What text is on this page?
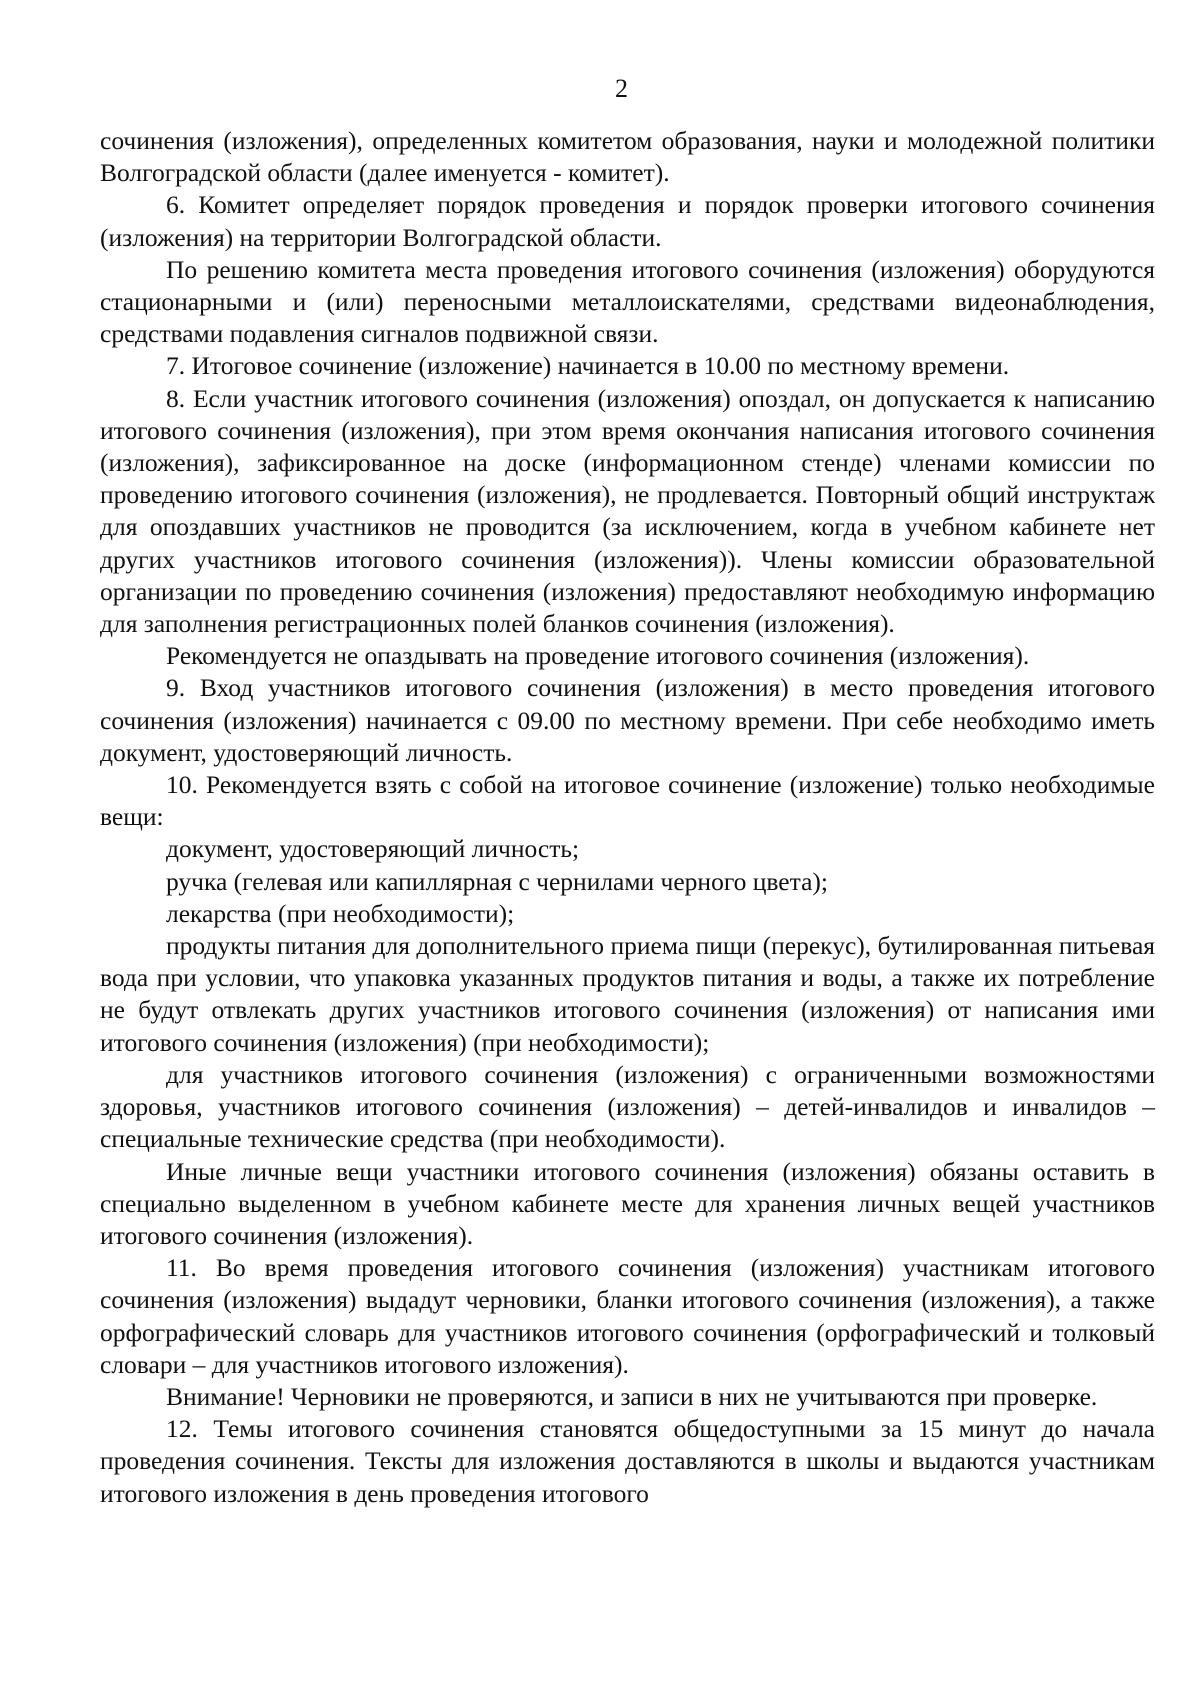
2

сочинения (изложения), определенных комитетом образования, науки и молодежной политики Волгоградской области (далее именуется - комитет).

6. Комитет определяет порядок проведения и порядок проверки итогового сочинения (изложения) на территории Волгоградской области.

По решению комитета места проведения итогового сочинения (изложения) оборудуются стационарными и (или) переносными металлоискателями, средствами видеонаблюдения, средствами подавления сигналов подвижной связи.

7. Итоговое сочинение (изложение) начинается в 10.00 по местному времени.

8. Если участник итогового сочинения (изложения) опоздал, он допускается к написанию итогового сочинения (изложения), при этом время окончания написания итогового сочинения (изложения), зафиксированное на доске (информационном стенде) членами комиссии по проведению итогового сочинения (изложения), не продлевается. Повторный общий инструктаж для опоздавших участников не проводится (за исключением, когда в учебном кабинете нет других участников итогового сочинения (изложения)). Члены комиссии образовательной организации по проведению сочинения (изложения) предоставляют необходимую информацию для заполнения регистрационных полей бланков сочинения (изложения).

Рекомендуется не опаздывать на проведение итогового сочинения (изложения).

9. Вход участников итогового сочинения (изложения) в место проведения итогового сочинения (изложения) начинается с 09.00 по местному времени. При себе необходимо иметь документ, удостоверяющий личность.

10. Рекомендуется взять с собой на итоговое сочинение (изложение) только необходимые вещи:

документ, удостоверяющий личность;

ручка (гелевая или капиллярная с чернилами черного цвета);

лекарства (при необходимости);

продукты питания для дополнительного приема пищи (перекус), бутилированная питьевая вода при условии, что упаковка указанных продуктов питания и воды, а также их потребление не будут отвлекать других участников итогового сочинения (изложения) от написания ими итогового сочинения (изложения) (при необходимости);

для участников итогового сочинения (изложения) с ограниченными возможностями здоровья, участников итогового сочинения (изложения) – детей-инвалидов и инвалидов – специальные технические средства (при необходимости).

Иные личные вещи участники итогового сочинения (изложения) обязаны оставить в специально выделенном в учебном кабинете месте для хранения личных вещей участников итогового сочинения (изложения).

11. Во время проведения итогового сочинения (изложения) участникам итогового сочинения (изложения) выдадут черновики, бланки итогового сочинения (изложения), а также орфографический словарь для участников итогового сочинения (орфографический и толковый словари – для участников итогового изложения).

Внимание! Черновики не проверяются, и записи в них не учитываются при проверке.

12. Темы итогового сочинения становятся общедоступными за 15 минут до начала проведения сочинения. Тексты для изложения доставляются в школы и выдаются участникам итогового изложения в день проведения итогового
